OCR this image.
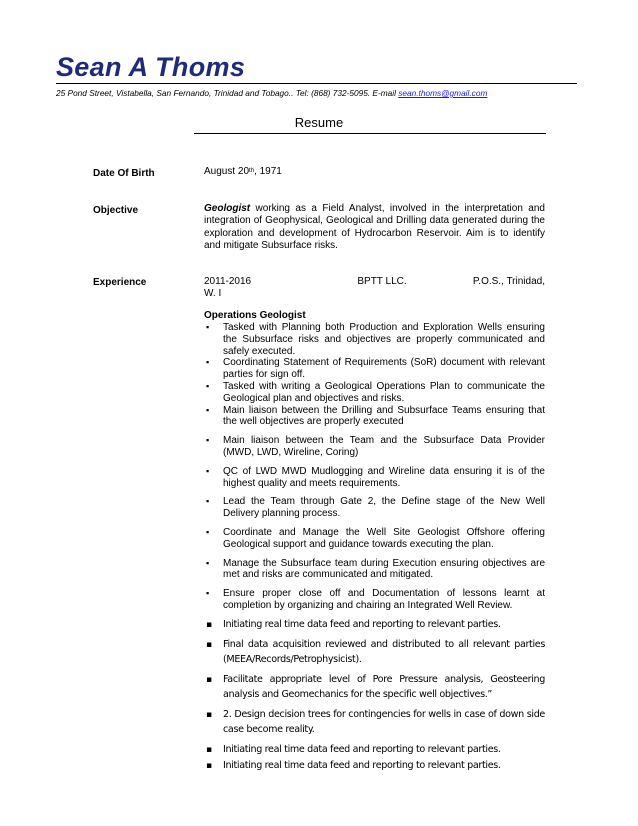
Sean A Thoms
25 Pond Street, Vistabella, San Fernando, Trinidad and Tobago.. Tel: (868) 732-5095. E-mail sean.thoms@gmail.com
Resume
Date Of Birth	August 20th, 1971
Objective	Geologist working as a Field Analyst, involved in the interpretation and integration of Geophysical, Geological and Drilling data generated during the exploration and development of Hydrocarbon Reservoir. Aim is to identify and mitigate Subsurface risks.
Experience	2011-2016	BPTT LLC.	P.O.S., Trinidad,
W. I
Operations Geologist
▪ Tasked with Planning both Production and Exploration Wells ensuring the Subsurface risks and objectives are properly communicated and safely executed.
▪ Coordinating Statement of Requirements (SoR) document with relevant parties for sign off.
▪ Tasked with writing a Geological Operations Plan to communicate the Geological plan and objectives and risks.
▪ Main liaison between the Drilling and Subsurface Teams ensuring that the well objectives are properly executed
▪ Main liaison between the Team and the Subsurface Data Provider (MWD, LWD, Wireline, Coring)
▪ QC of LWD MWD Mudlogging and Wireline data ensuring it is of the highest quality and meets requirements.
▪ Lead the Team through Gate 2, the Define stage of the New Well Delivery planning process.
▪ Coordinate and Manage the Well Site Geologist Offshore offering Geological support and guidance towards executing the plan.
▪ Manage the Subsurface team during Execution ensuring objectives are met and risks are communicated and mitigated.
▪ Ensure proper close off and Documentation of lessons learnt at completion by organizing and chairing an Integrated Well Review.
▪ Initiating real time data feed and reporting to relevant parties.
▪ Final data acquisition reviewed and distributed to all relevant parties (MEEA/Records/Petrophysicist).
▪ Facilitate appropriate level of Pore Pressure analysis, Geosteering analysis and Geomechanics for the specific well objectives.”
▪ 2. Design decision trees for contingencies for wells in case of down side case become reality.
▪ Initiating real time data feed and reporting to relevant parties.
▪ Initiating real time data feed and reporting to relevant parties.
